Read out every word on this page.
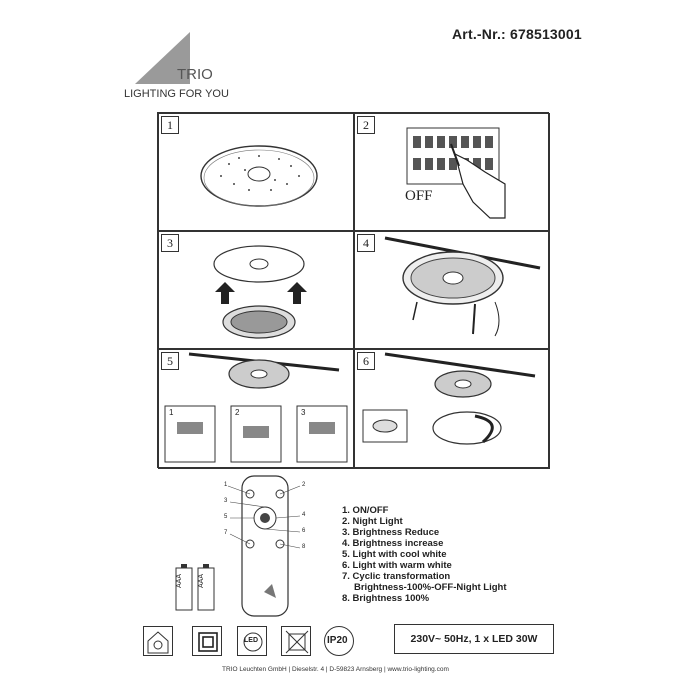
Art.-Nr.: 678513001
TRIO
LIGHTING FOR YOU
1	2
OFF
3	4
5
1	2	3
6
1	2
3
4
5
6
7
8
AAA AAA
1. ON/OFF
2. Night Light
3. Brightness Reduce
4. Brightness increase
5. Light with cool white
6. Light with warm white
7. Cyclic transformation
Brightness-100%-OFF-Night Light
8. Brightness 100%
LED	IP20	230V~ 50Hz, 1 x LED 30W
TRIO Leuchten GmbH | Dieselstr. 4 | D-59823 Arnsberg | www.trio-lighting.com
